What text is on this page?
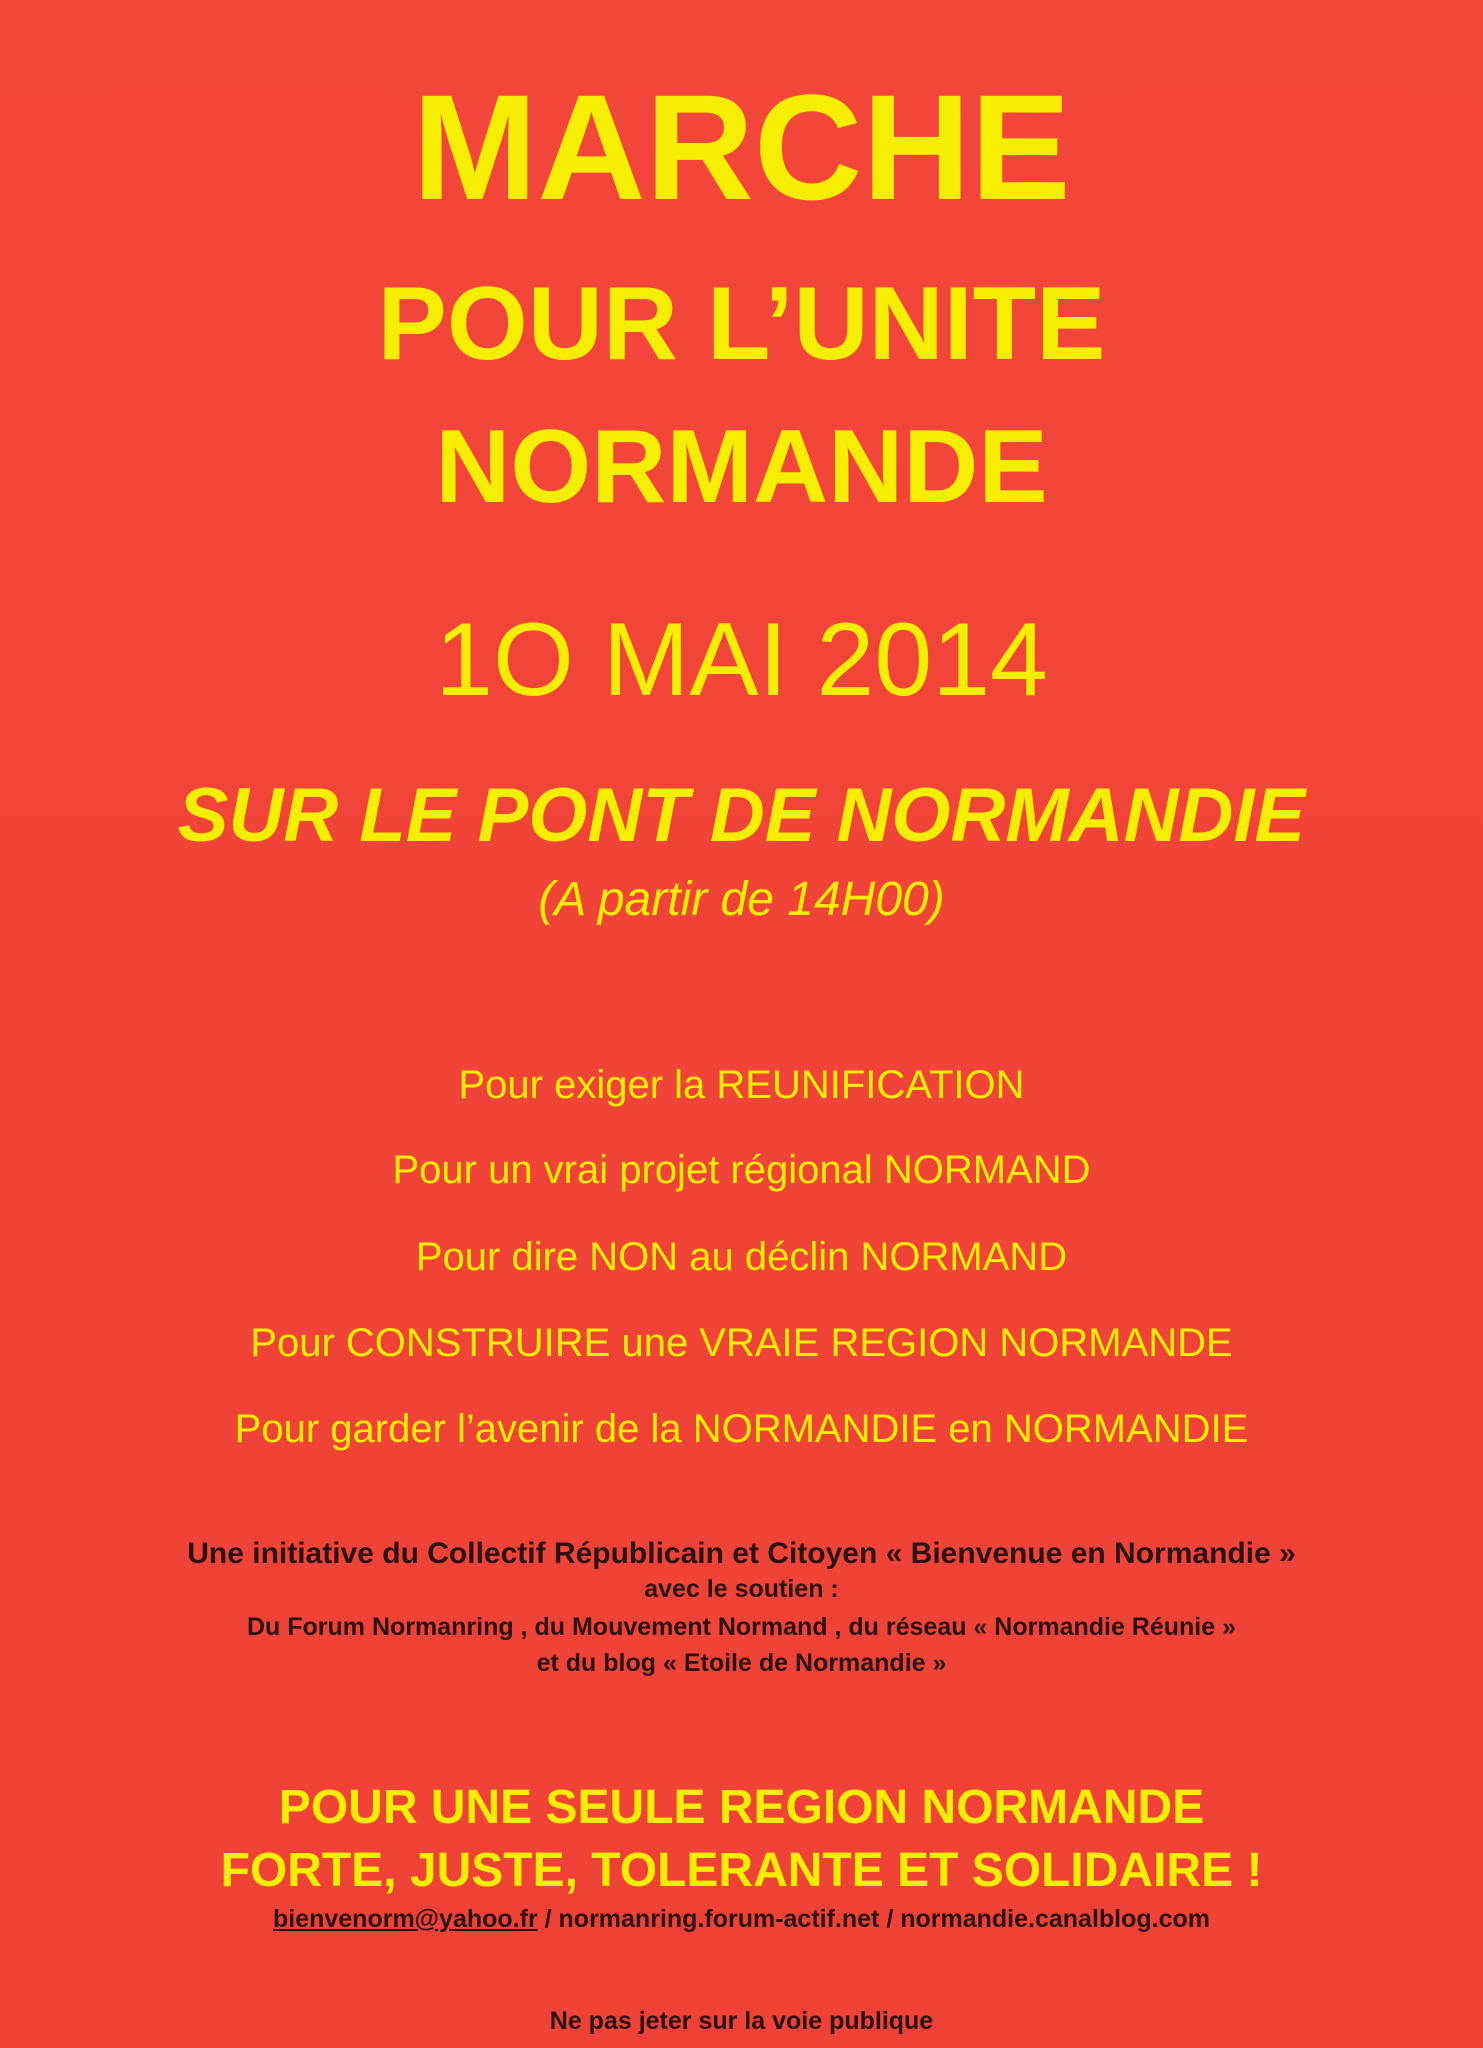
MARCHE
POUR L’UNITE
NORMANDE
1O MAI 2014
SUR LE PONT DE NORMANDIE
(A partir de 14H00)
Pour exiger la REUNIFICATION
Pour un vrai projet régional NORMAND
Pour dire NON au déclin NORMAND
Pour CONSTRUIRE une VRAIE REGION NORMANDE
Pour garder l’avenir de la NORMANDIE en NORMANDIE
Une initiative du Collectif Républicain et Citoyen « Bienvenue en Normandie »
avec le soutien :
Du Forum Normanring , du Mouvement Normand , du réseau « Normandie Réunie »
et du blog « Etoile de Normandie »
POUR UNE SEULE REGION NORMANDE
FORTE, JUSTE, TOLERANTE ET SOLIDAIRE !
bienvenorm@yahoo.fr / normanring.forum-actif.net / normandie.canalblog.com
Ne pas jeter sur la voie publique
